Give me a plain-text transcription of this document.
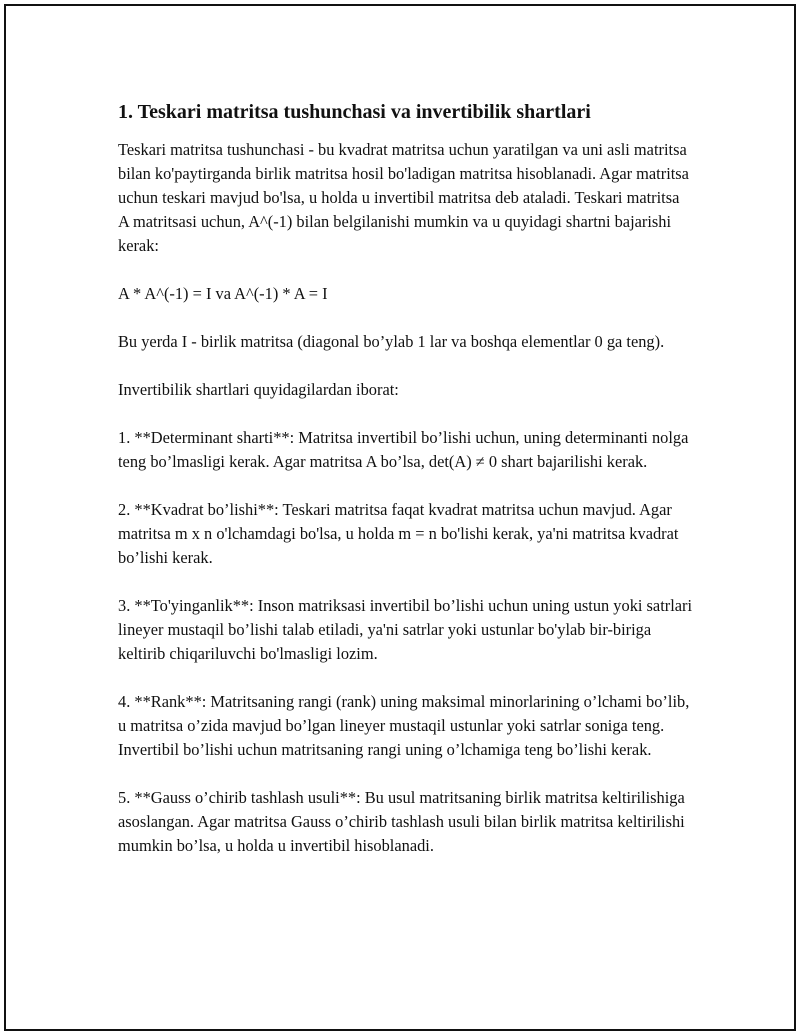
1. Teskari matritsa tushunchasi va invertibilik shartlari

Teskari matritsa tushunchasi - bu kvadrat matritsa uchun yaratilgan va uni asli matritsa bilan ko'paytirganda birlik matritsa hosil bo'ladigan matritsa hisoblanadi. Agar matritsa uchun teskari mavjud bo'lsa, u holda u invertibil matritsa deb ataladi. Teskari matritsa A matritsasi uchun, A^(-1) bilan belgilanishi mumkin va u quyidagi shartni bajarishi kerak:

A * A^(-1) = I va A^(-1) * A = I

Bu yerda I - birlik matritsa (diagonal bo’ylab 1 lar va boshqa elementlar 0 ga teng).

Invertibilik shartlari quyidagilardan iborat:

1. **Determinant sharti**: Matritsa invertibil bo’lishi uchun, uning determinanti nolga teng bo’lmasligi kerak. Agar matritsa A bo’lsa, det(A) ≠ 0 shart bajarilishi kerak.

2. **Kvadrat bo’lishi**: Teskari matritsa faqat kvadrat matritsa uchun mavjud. Agar matritsa m x n o'lchamdagi bo'lsa, u holda m = n bo'lishi kerak, ya'ni matritsa kvadrat bo’lishi kerak.

3. **To'yinganlik**: Inson matriksasi invertibil bo’lishi uchun uning ustun yoki satrlari lineyer mustaqil bo’lishi talab etiladi, ya'ni satrlar yoki ustunlar bo'ylab bir-biriga keltirib chiqariluvchi bo'lmasligi lozim.

4. **Rank**: Matritsaning rangi (rank) uning maksimal minorlarining o’lchami bo’lib, u matritsa o’zida mavjud bo’lgan lineyer mustaqil ustunlar yoki satrlar soniga teng. Invertibil bo’lishi uchun matritsaning rangi uning o’lchamiga teng bo’lishi kerak.

5. **Gauss o’chirib tashlash usuli**: Bu usul matritsaning birlik matritsa keltirilishiga asoslangan. Agar matritsa Gauss o’chirib tashlash usuli bilan birlik matritsa keltirilishi mumkin bo’lsa, u holda u invertibil hisoblanadi.
